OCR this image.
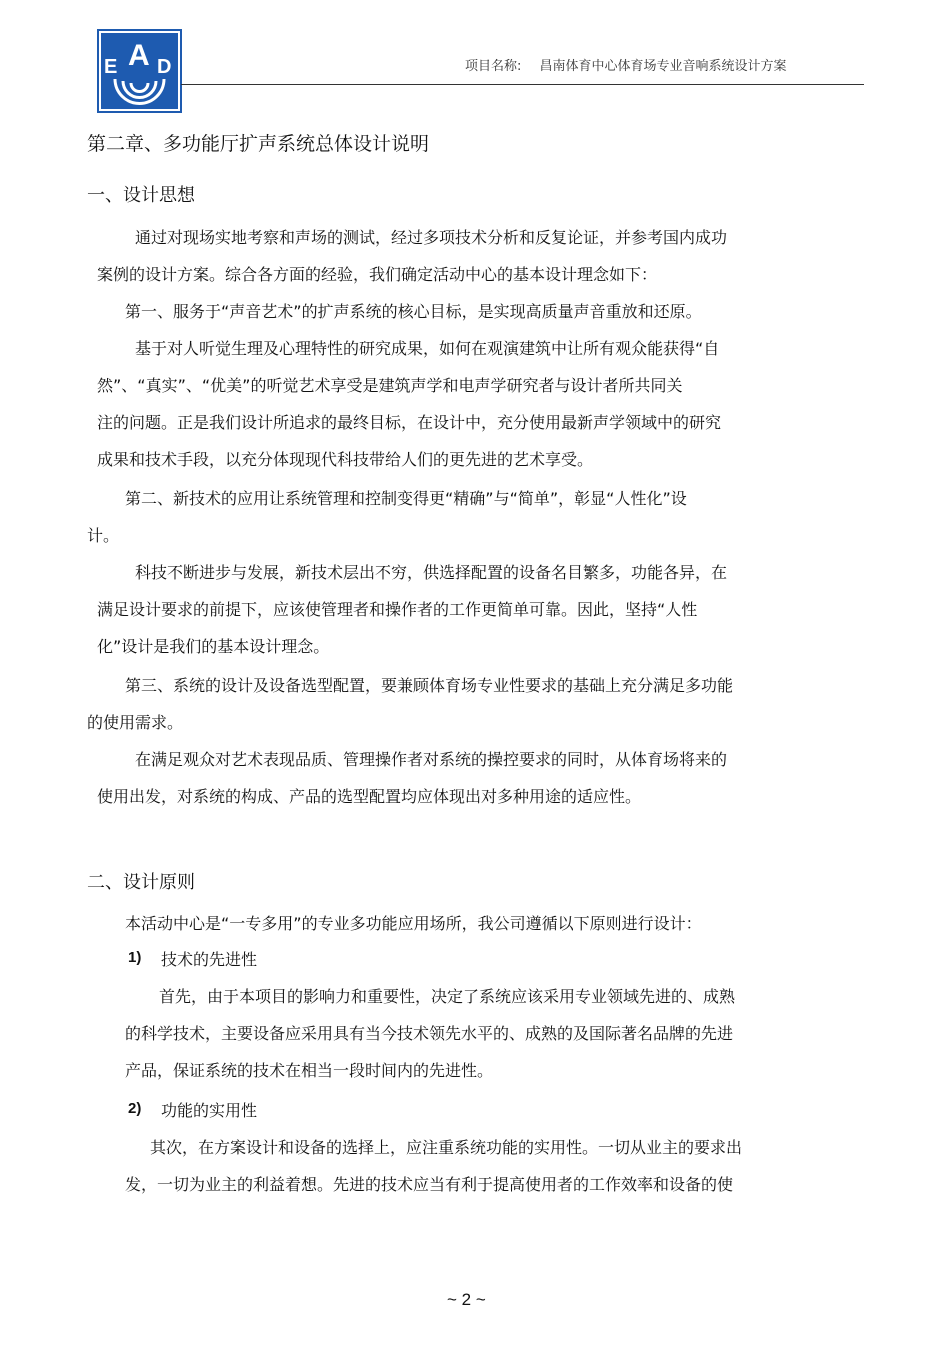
E A D	项目名称: 昌南体育中心体育场专业音响系统设计方案
第二章、多功能厅扩声系统总体设计说明
一、设计思想
通过对现场实地考察和声场的测试，经过多项技术分析和反复论证，并参考国内成功
案例的设计方案。综合各方面的经验，我们确定活动中心的基本设计理念如下：
第一、服务于“声音艺术”的扩声系统的核心目标，是实现高质量声音重放和还原。
基于对人听觉生理及心理特性的研究成果，如何在观演建筑中让所有观众能获得“自
然”、“真实”、“优美”的听觉艺术享受是建筑声学和电声学研究者与设计者所共同关
注的问题。正是我们设计所追求的最终目标，在设计中，充分使用最新声学领域中的研究
成果和技术手段，以充分体现现代科技带给人们的更先进的艺术享受。
第二、新技术的应用让系统管理和控制变得更“精确”与“简单”，彰显“人性化”设
计。
科技不断进步与发展，新技术层出不穷，供选择配置的设备名目繁多，功能各异，在
满足设计要求的前提下，应该使管理者和操作者的工作更简单可靠。因此，坚持“人性
化”设计是我们的基本设计理念。
第三、系统的设计及设备选型配置，要兼顾体育场专业性要求的基础上充分满足多功能
的使用需求。
在满足观众对艺术表现品质、管理操作者对系统的操控要求的同时，从体育场将来的
使用出发，对系统的构成、产品的选型配置均应体现出对多种用途的适应性。
二、设计原则
本活动中心是“一专多用”的专业多功能应用场所，我公司遵循以下原则进行设计：
1) 技术的先进性
首先，由于本项目的影响力和重要性，决定了系统应该采用专业领域先进的、成熟
的科学技术，主要设备应采用具有当今技术领先水平的、成熟的及国际著名品牌的先进
产品，保证系统的技术在相当一段时间内的先进性。
2) 功能的实用性
其次，在方案设计和设备的选择上，应注重系统功能的实用性。一切从业主的要求出
发，一切为业主的利益着想。先进的技术应当有利于提高使用者的工作效率和设备的使
~ 2 ~
